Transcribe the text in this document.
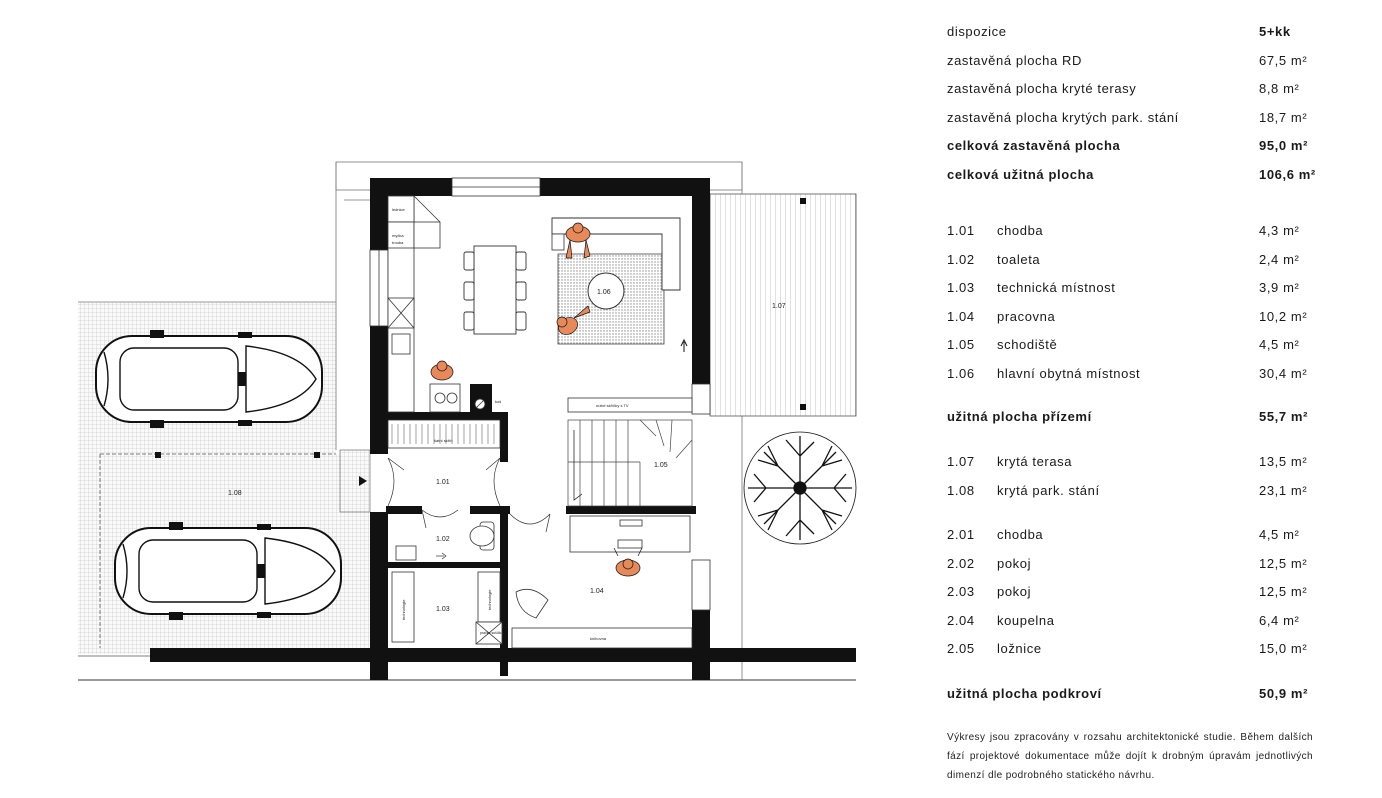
1.01
1.02
1.03
1.04
1.05
1.06
1.07
1.08
nízké skříňky s TV
knihovna
šatní skříň
technologie	technologie
lednice
myčka
trouba
pračka sušička
koš
dispozice	5+kk
zastavěná plocha RD	67,5 m²
zastavěná plocha kryté terasy	8,8 m²
zastavěná plocha krytých park. stání	18,7 m²
celková zastavěná plocha	95,0 m²
celková užitná plocha	106,6 m²
1.01	chodba	4,3 m²
1.02	toaleta	2,4 m²
1.03	technická místnost	3,9 m²
1.04	pracovna	10,2 m²
1.05	schodiště	4,5 m²
1.06	hlavní obytná místnost	30,4 m²
užitná plocha přízemí	55,7 m²
1.07	krytá terasa	13,5 m²
1.08	krytá park. stání	23,1 m²
2.01	chodba	4,5 m²
2.02	pokoj	12,5 m²
2.03	pokoj	12,5 m²
2.04	koupelna	6,4 m²
2.05	ložnice	15,0 m²
užitná plocha podkroví	50,9 m²
Výkresy jsou zpracovány v rozsahu architektonické studie. Během dalších fází projektové dokumentace může dojít k drobným úpravám jednotlivých dimenzí dle podrobného statického návrhu.
